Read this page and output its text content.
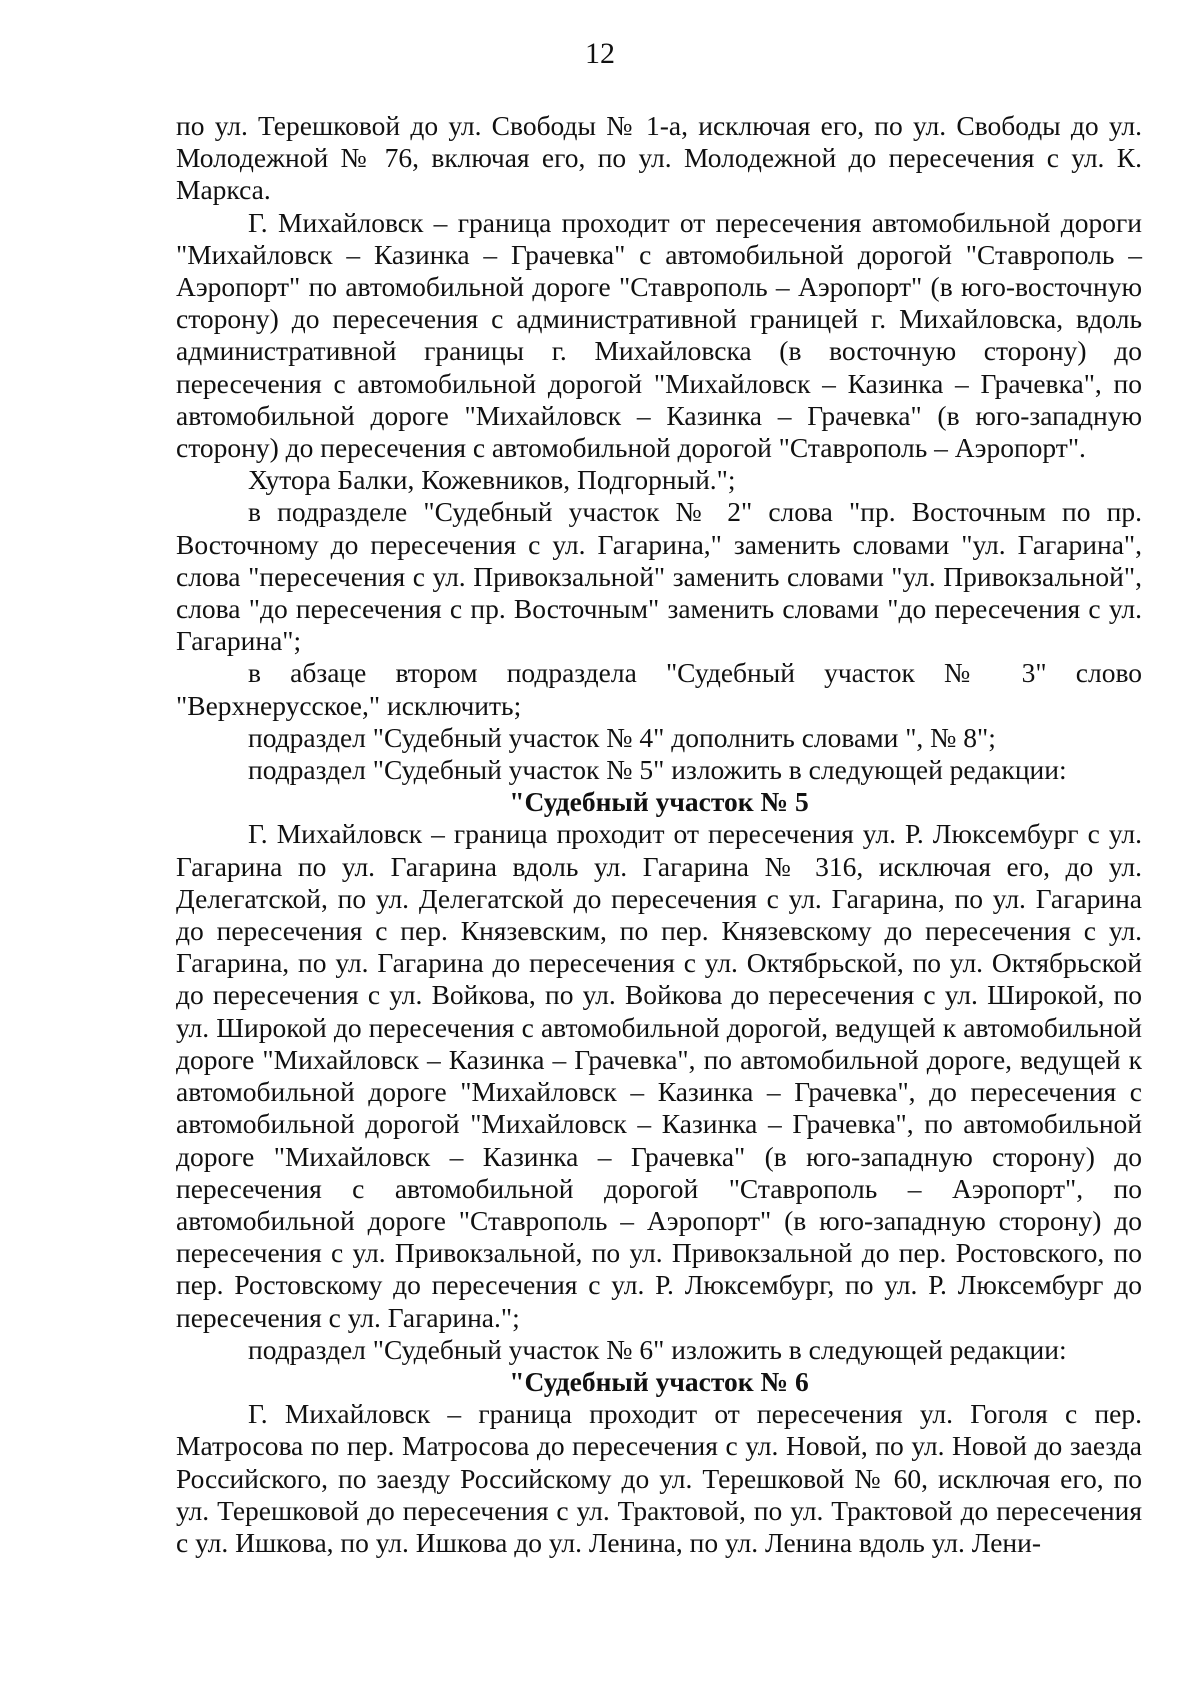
12

по ул. Терешковой до ул. Свободы № 1-а, исключая его, по ул. Свободы до ул. Молодежной № 76, включая его, по ул. Молодежной до пересечения с ул. К. Маркса.

Г. Михайловск – граница проходит от пересечения автомобильной дороги "Михайловск – Казинка – Грачевка" с автомобильной дорогой "Ставрополь – Аэропорт" по автомобильной дороге "Ставрополь – Аэропорт" (в юго-восточную сторону) до пересечения с административной границей г. Михайловска, вдоль административной границы г. Михайловска (в восточную сторону) до пересечения с автомобильной дорогой "Михайловск – Казинка – Грачевка", по автомобильной дороге "Михайловск – Казинка – Грачевка" (в юго-западную сторону) до пересечения с автомобильной дорогой "Ставрополь – Аэропорт".

Хутора Балки, Кожевников, Подгорный.";

в подразделе "Судебный участок № 2" слова "пр. Восточным по пр. Восточному до пересечения с ул. Гагарина," заменить словами "ул. Гагарина", слова "пересечения с ул. Привокзальной" заменить словами "ул. Привокзальной", слова "до пересечения с пр. Восточным" заменить словами "до пересечения с ул. Гагарина";

в абзаце втором подраздела "Судебный участок № 3" слово "Верхнерусское," исключить;

подраздел "Судебный участок № 4" дополнить словами ", № 8";

подраздел "Судебный участок № 5" изложить в следующей редакции:

"Судебный участок № 5

Г. Михайловск – граница проходит от пересечения ул. Р. Люксембург с ул. Гагарина по ул. Гагарина вдоль ул. Гагарина № 316, исключая его, до ул. Делегатской, по ул. Делегатской до пересечения с ул. Гагарина, по ул. Гагарина до пересечения с пер. Князевским, по пер. Князевскому до пересечения с ул. Гагарина, по ул. Гагарина до пересечения с ул. Октябрьской, по ул. Октябрьской до пересечения с ул. Войкова, по ул. Войкова до пересечения с ул. Широкой, по ул. Широкой до пересечения с автомобильной дорогой, ведущей к автомобильной дороге "Михайловск – Казинка – Грачевка", по автомобильной дороге, ведущей к автомобильной дороге "Михайловск – Казинка – Грачевка", до пересечения с автомобильной дорогой "Михайловск – Казинка – Грачевка", по автомобильной дороге "Михайловск – Казинка – Грачевка" (в юго-западную сторону) до пересечения с автомобильной дорогой "Ставрополь – Аэропорт", по автомобильной дороге "Ставрополь – Аэропорт" (в юго-западную сторону) до пересечения с ул. Привокзальной, по ул. Привокзальной до пер. Ростовского, по пер. Ростовскому до пересечения с ул. Р. Люксембург, по ул. Р. Люксембург до пересечения с ул. Гагарина.";

подраздел "Судебный участок № 6" изложить в следующей редакции:

"Судебный участок № 6

Г. Михайловск – граница проходит от пересечения ул. Гоголя с пер. Матросова по пер. Матросова до пересечения с ул. Новой, по ул. Новой до заезда Российского, по заезду Российскому до ул. Терешковой № 60, исключая его, по ул. Терешковой до пересечения с ул. Трактовой, по ул. Трактовой до пересечения с ул. Ишкова, по ул. Ишкова до ул. Ленина, по ул. Ленина вдоль ул. Лени-
